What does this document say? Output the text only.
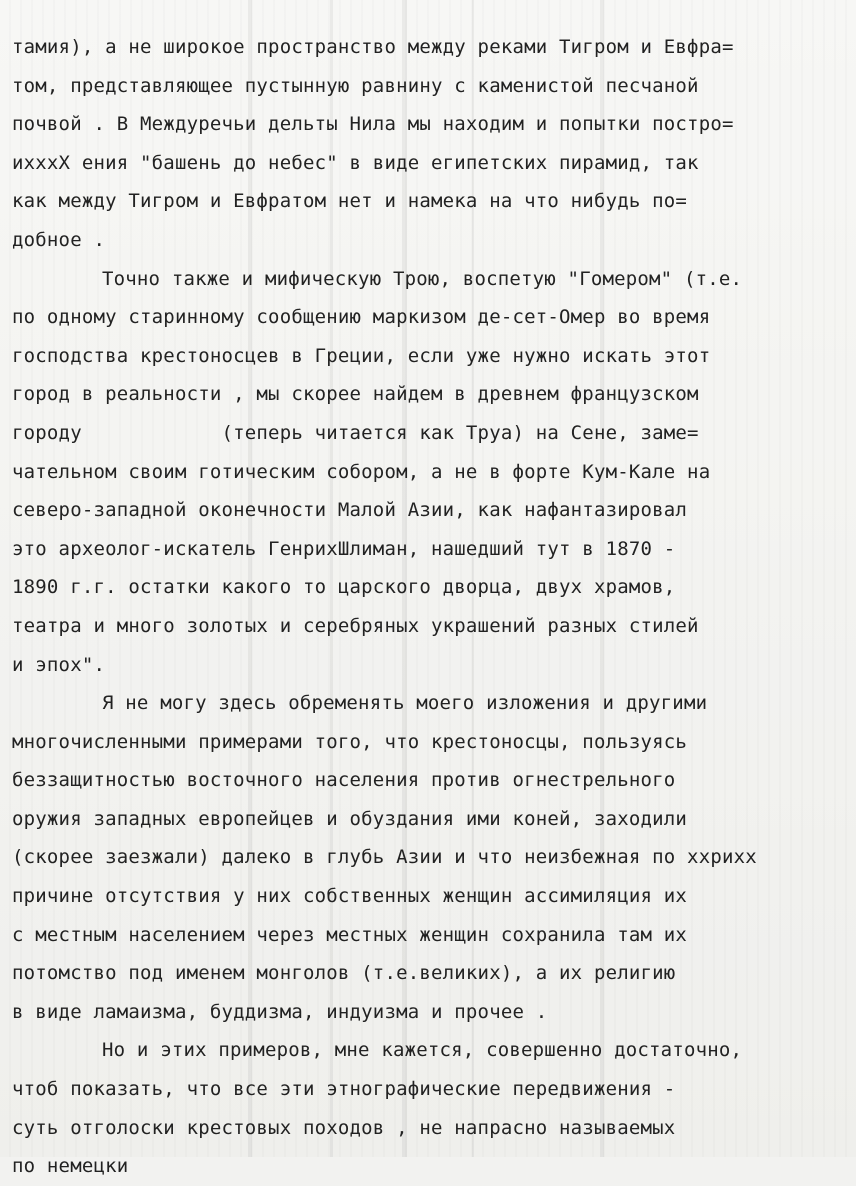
тамия), а не широкое пространство между реками Тигром и Евфра=
том, представляющее пустынную равнину с каменистой песчаной
почвой . В Междуречьи дельты Нила мы находим и попытки постро=
ихххХ ения "башень до небес" в виде египетских пирамид, так
как между Тигром и Евфратом нет и намека на что нибудь по=
добное .
Точно также и мифическую Трою, воспетую "Гомером" (т.е.
по одному старинному сообщению маркизом де-сет-Омер во время
господства крестоносцев в Греции, если уже нужно искать этот
город в реальности , мы скорее найдем в древнем французском
городу            (теперь читается как Труа) на Сене, заме=
чательном своим готическим собором, а не в форте Кум-Кале на
северо-западной оконечности Малой Азии, как нафантазировал
это археолог-искатель ГенрихШлиман, нашедший тут в 1870 -
1890 г.г. остатки какого то царского дворца, двух храмов,
театра и много золотых и серебряных украшений разных стилей
и эпох".
Я не могу здесь обременять моего изложения и другими
многочисленными примерами того, что крестоносцы, пользуясь
беззащитностью восточного населения против огнестрельного
оружия западных европейцев и обуздания ими коней, заходили
(скорее заезжали) далеко в глубь Азии и что неизбежная по ххрихх
причине отсутствия у них собственных женщин ассимиляция их
с местным населением через местных женщин сохранила там их
потомство под именем монголов (т.е.великих), а их религию
в виде ламаизма, буддизма, индуизма и прочее .
Но и этих примеров, мне кажется, совершенно достаточно,
чтоб показать, что все эти этнографические передвижения -
суть отголоски крестовых походов , не напрасно называемых
по немецки
